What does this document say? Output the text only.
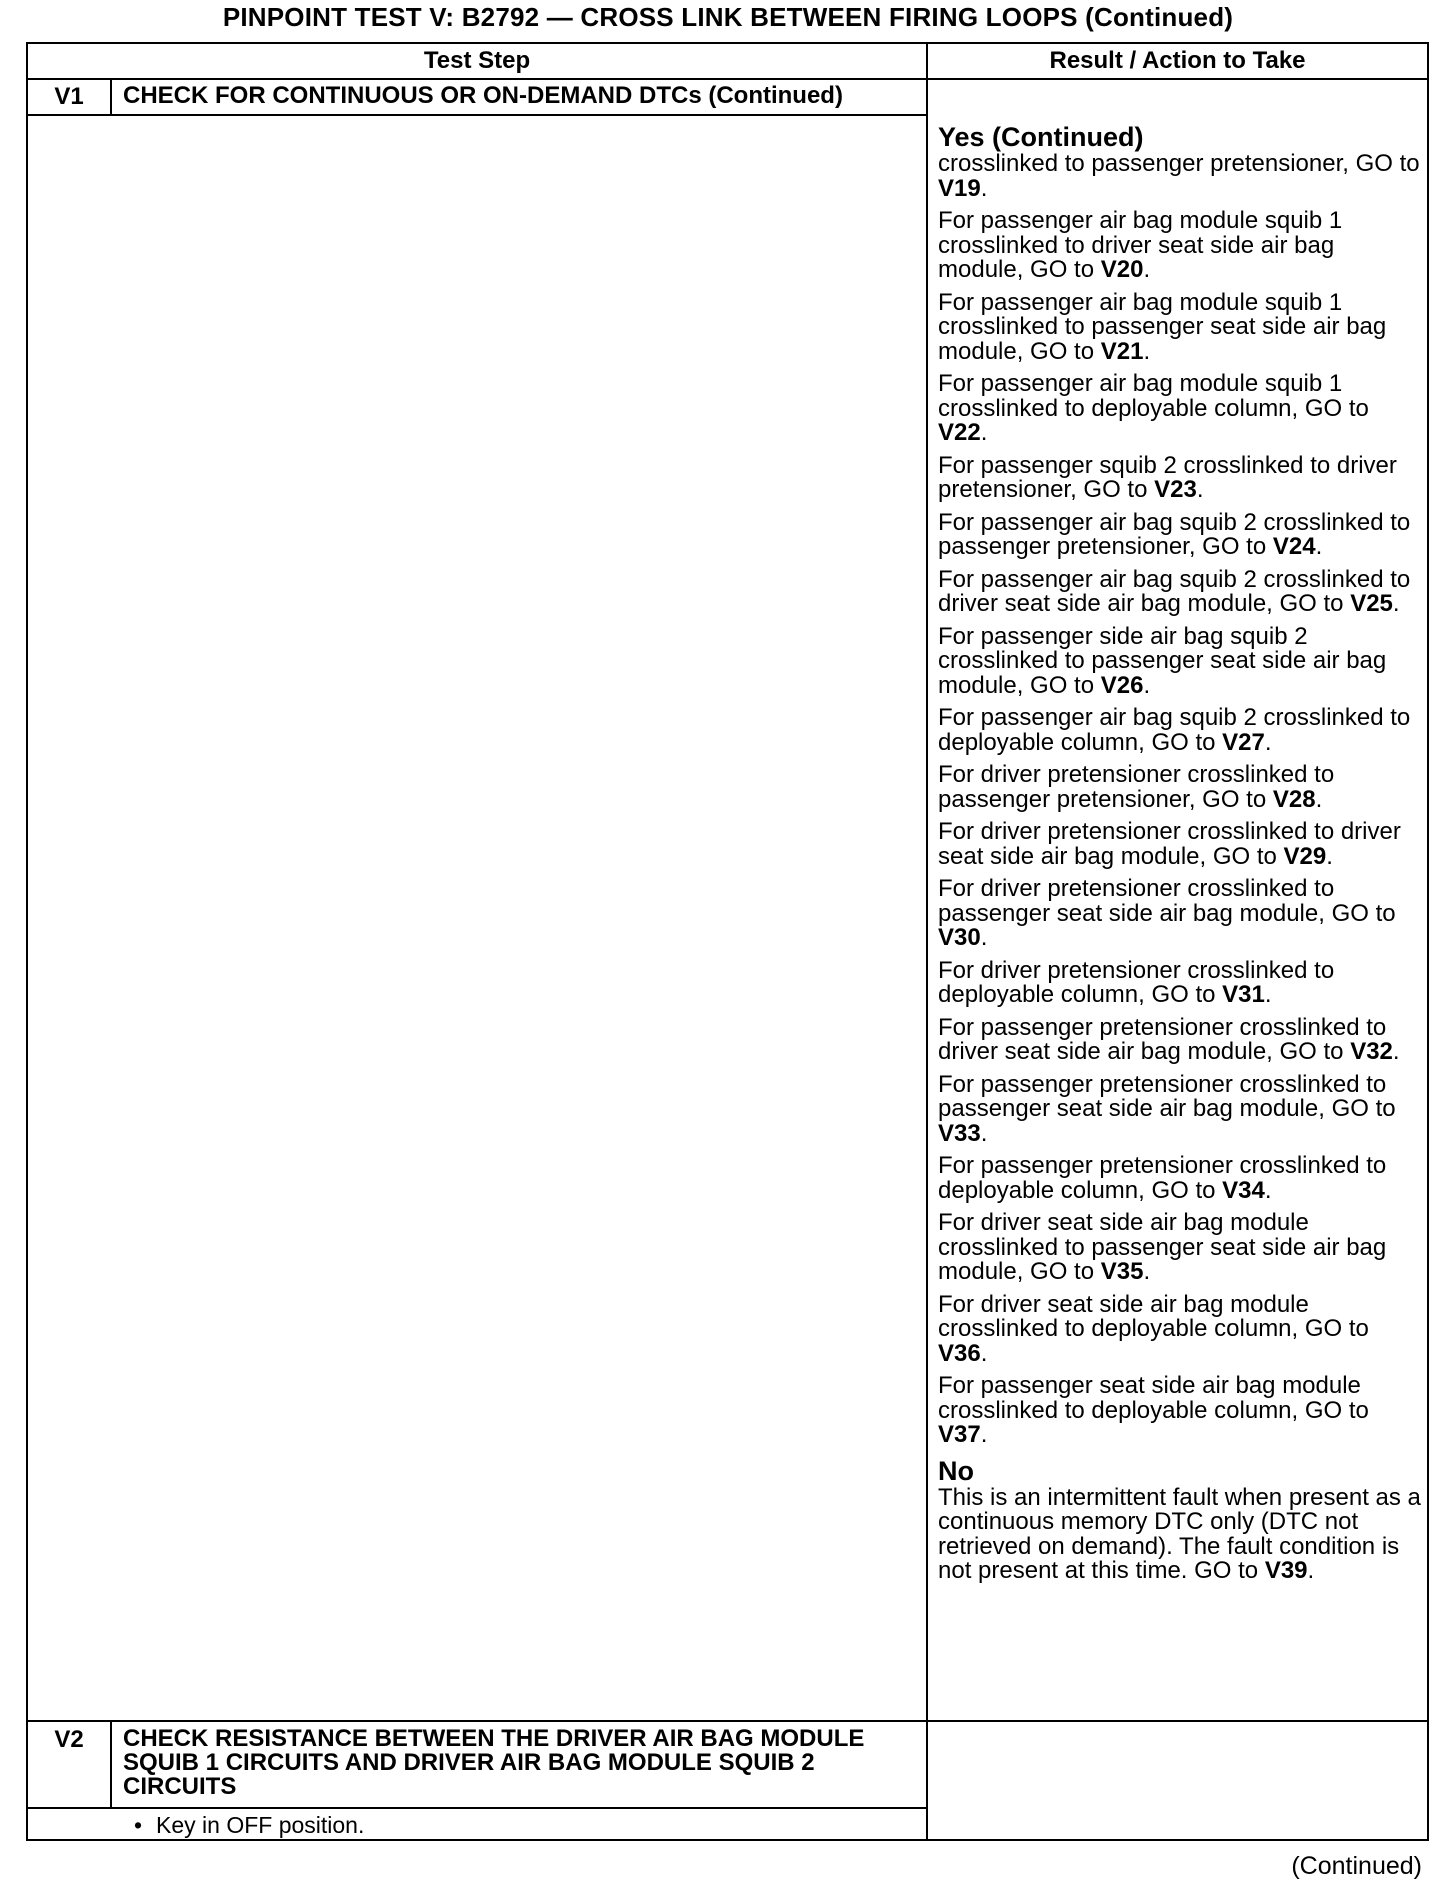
PINPOINT TEST V: B2792 — CROSS LINK BETWEEN FIRING LOOPS (Continued)
Test Step	Result / Action to Take
V1	CHECK FOR CONTINUOUS OR ON-DEMAND DTCs (Continued)
Yes (Continued)
crosslinked to passenger pretensioner, GO to V19.
For passenger air bag module squib 1 crosslinked to driver seat side air bag module, GO to V20.
For passenger air bag module squib 1 crosslinked to passenger seat side air bag module, GO to V21.
For passenger air bag module squib 1 crosslinked to deployable column, GO to V22.
For passenger squib 2 crosslinked to driver pretensioner, GO to V23.
For passenger air bag squib 2 crosslinked to passenger pretensioner, GO to V24.
For passenger air bag squib 2 crosslinked to driver seat side air bag module, GO to V25.
For passenger side air bag squib 2 crosslinked to passenger seat side air bag module, GO to V26.
For passenger air bag squib 2 crosslinked to deployable column, GO to V27.
For driver pretensioner crosslinked to passenger pretensioner, GO to V28.
For driver pretensioner crosslinked to driver seat side air bag module, GO to V29.
For driver pretensioner crosslinked to passenger seat side air bag module, GO to V30.
For driver pretensioner crosslinked to deployable column, GO to V31.
For passenger pretensioner crosslinked to driver seat side air bag module, GO to V32.
For passenger pretensioner crosslinked to passenger seat side air bag module, GO to V33.
For passenger pretensioner crosslinked to deployable column, GO to V34.
For driver seat side air bag module crosslinked to passenger seat side air bag module, GO to V35.
For driver seat side air bag module crosslinked to deployable column, GO to V36.
For passenger seat side air bag module crosslinked to deployable column, GO to V37.
No
This is an intermittent fault when present as a continuous memory DTC only (DTC not retrieved on demand). The fault condition is not present at this time. GO to V39.
V2	CHECK RESISTANCE BETWEEN THE DRIVER AIR BAG MODULE SQUIB 1 CIRCUITS AND DRIVER AIR BAG MODULE SQUIB 2 CIRCUITS
• Key in OFF position.
(Continued)
